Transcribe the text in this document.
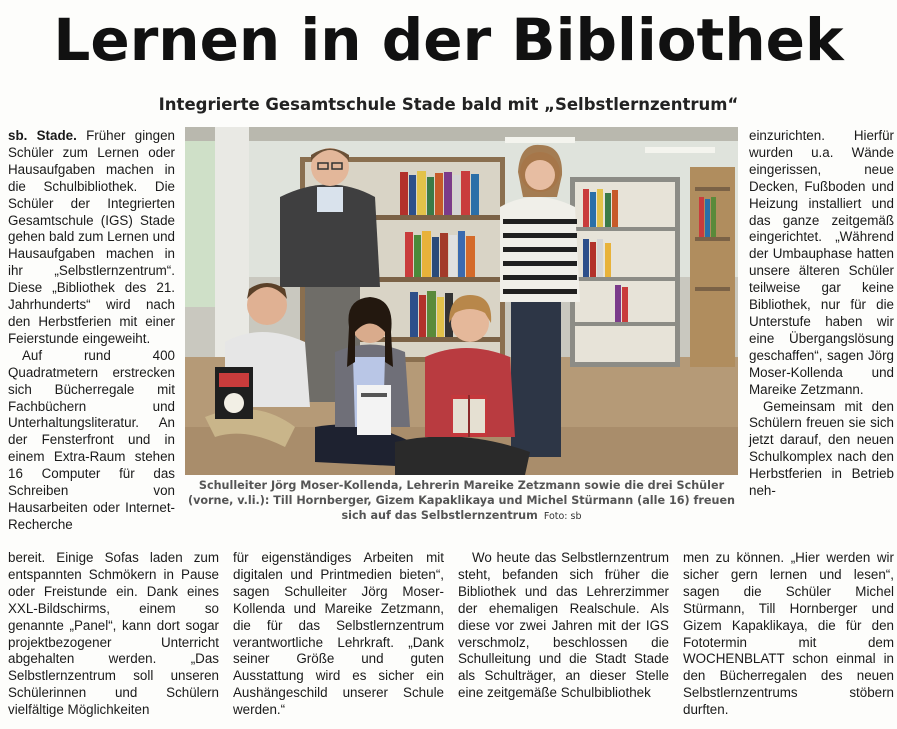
Lernen in der Bibliothek
Integrierte Gesamtschule Stade bald mit „Selbstlernzentrum“

sb. Stade. Früher gingen Schüler zum Lernen oder Hausaufgaben machen in die Schulbibliothek. Die Schüler der Integrierten Gesamtschule (IGS) Stade gehen bald zum Lernen und Hausaufgaben machen in ihr „Selbstlernzentrum“. Diese „Bibliothek des 21. Jahrhunderts“ wird nach den Herbstferien mit einer Feierstunde eingeweiht.

Auf rund 400 Quadratmetern erstrecken sich Bücherregale mit Fachbüchern und Unterhaltungsliteratur. An der Fensterfront und in einem Extra-Raum stehen 16 Computer für das Schreiben von Hausarbeiten oder Internet-Recherche

Schulleiter Jörg Moser-Kollenda, Lehrerin Mareike Zetzmann sowie die drei Schüler (vorne, v.li.): Till Hornberger, Gizem Kapaklikaya und Michel Stürmann (alle 16) freuen sich auf das Selbstlernzentrum Foto: sb

einzurichten. Hierfür wurden u.a. Wände eingerissen, neue Decken, Fußboden und Heizung installiert und das ganze zeitgemäß eingerichtet. „Während der Umbauphase hatten unsere älteren Schüler teilweise gar keine Bibliothek, nur für die Unterstufe haben wir eine Übergangslösung geschaffen“, sagen Jörg Moser-Kollenda und Mareike Zetzmann.

Gemeinsam mit den Schülern freuen sie sich jetzt darauf, den neuen Schulkomplex nach den Herbstferien in Betrieb neh-

bereit. Einige Sofas laden zum entspannten Schmökern in Pause oder Freistunde ein. Dank eines XXL-Bildschirms, einem so genannte „Panel“, kann dort sogar projektbezogener Unterricht abgehalten werden. „Das Selbstlernzentrum soll unseren Schülerinnen und Schülern vielfältige Möglichkeiten

für eigenständiges Arbeiten mit digitalen und Printmedien bieten“, sagen Schulleiter Jörg Moser-Kollenda und Mareike Zetzmann, die für das Selbstlernzentrum verantwortliche Lehrkraft. „Dank seiner Größe und guten Ausstattung wird es sicher ein Aushängeschild unserer Schule werden.“

Wo heute das Selbstlernzentrum steht, befanden sich früher die Bibliothek und das Lehrerzimmer der ehemaligen Realschule. Als diese vor zwei Jahren mit der IGS verschmolz, beschlossen die Schulleitung und die Stadt Stade als Schulträger, an dieser Stelle eine zeitgemäße Schulbibliothek

men zu können. „Hier werden wir sicher gern lernen und lesen“, sagen die Schüler Michel Stürmann, Till Hornberger und Gizem Kapaklikaya, die für den Fototermin mit dem WOCHENBLATT schon einmal in den Bücherregalen des neuen Selbstlernzentrums stöbern durften.
